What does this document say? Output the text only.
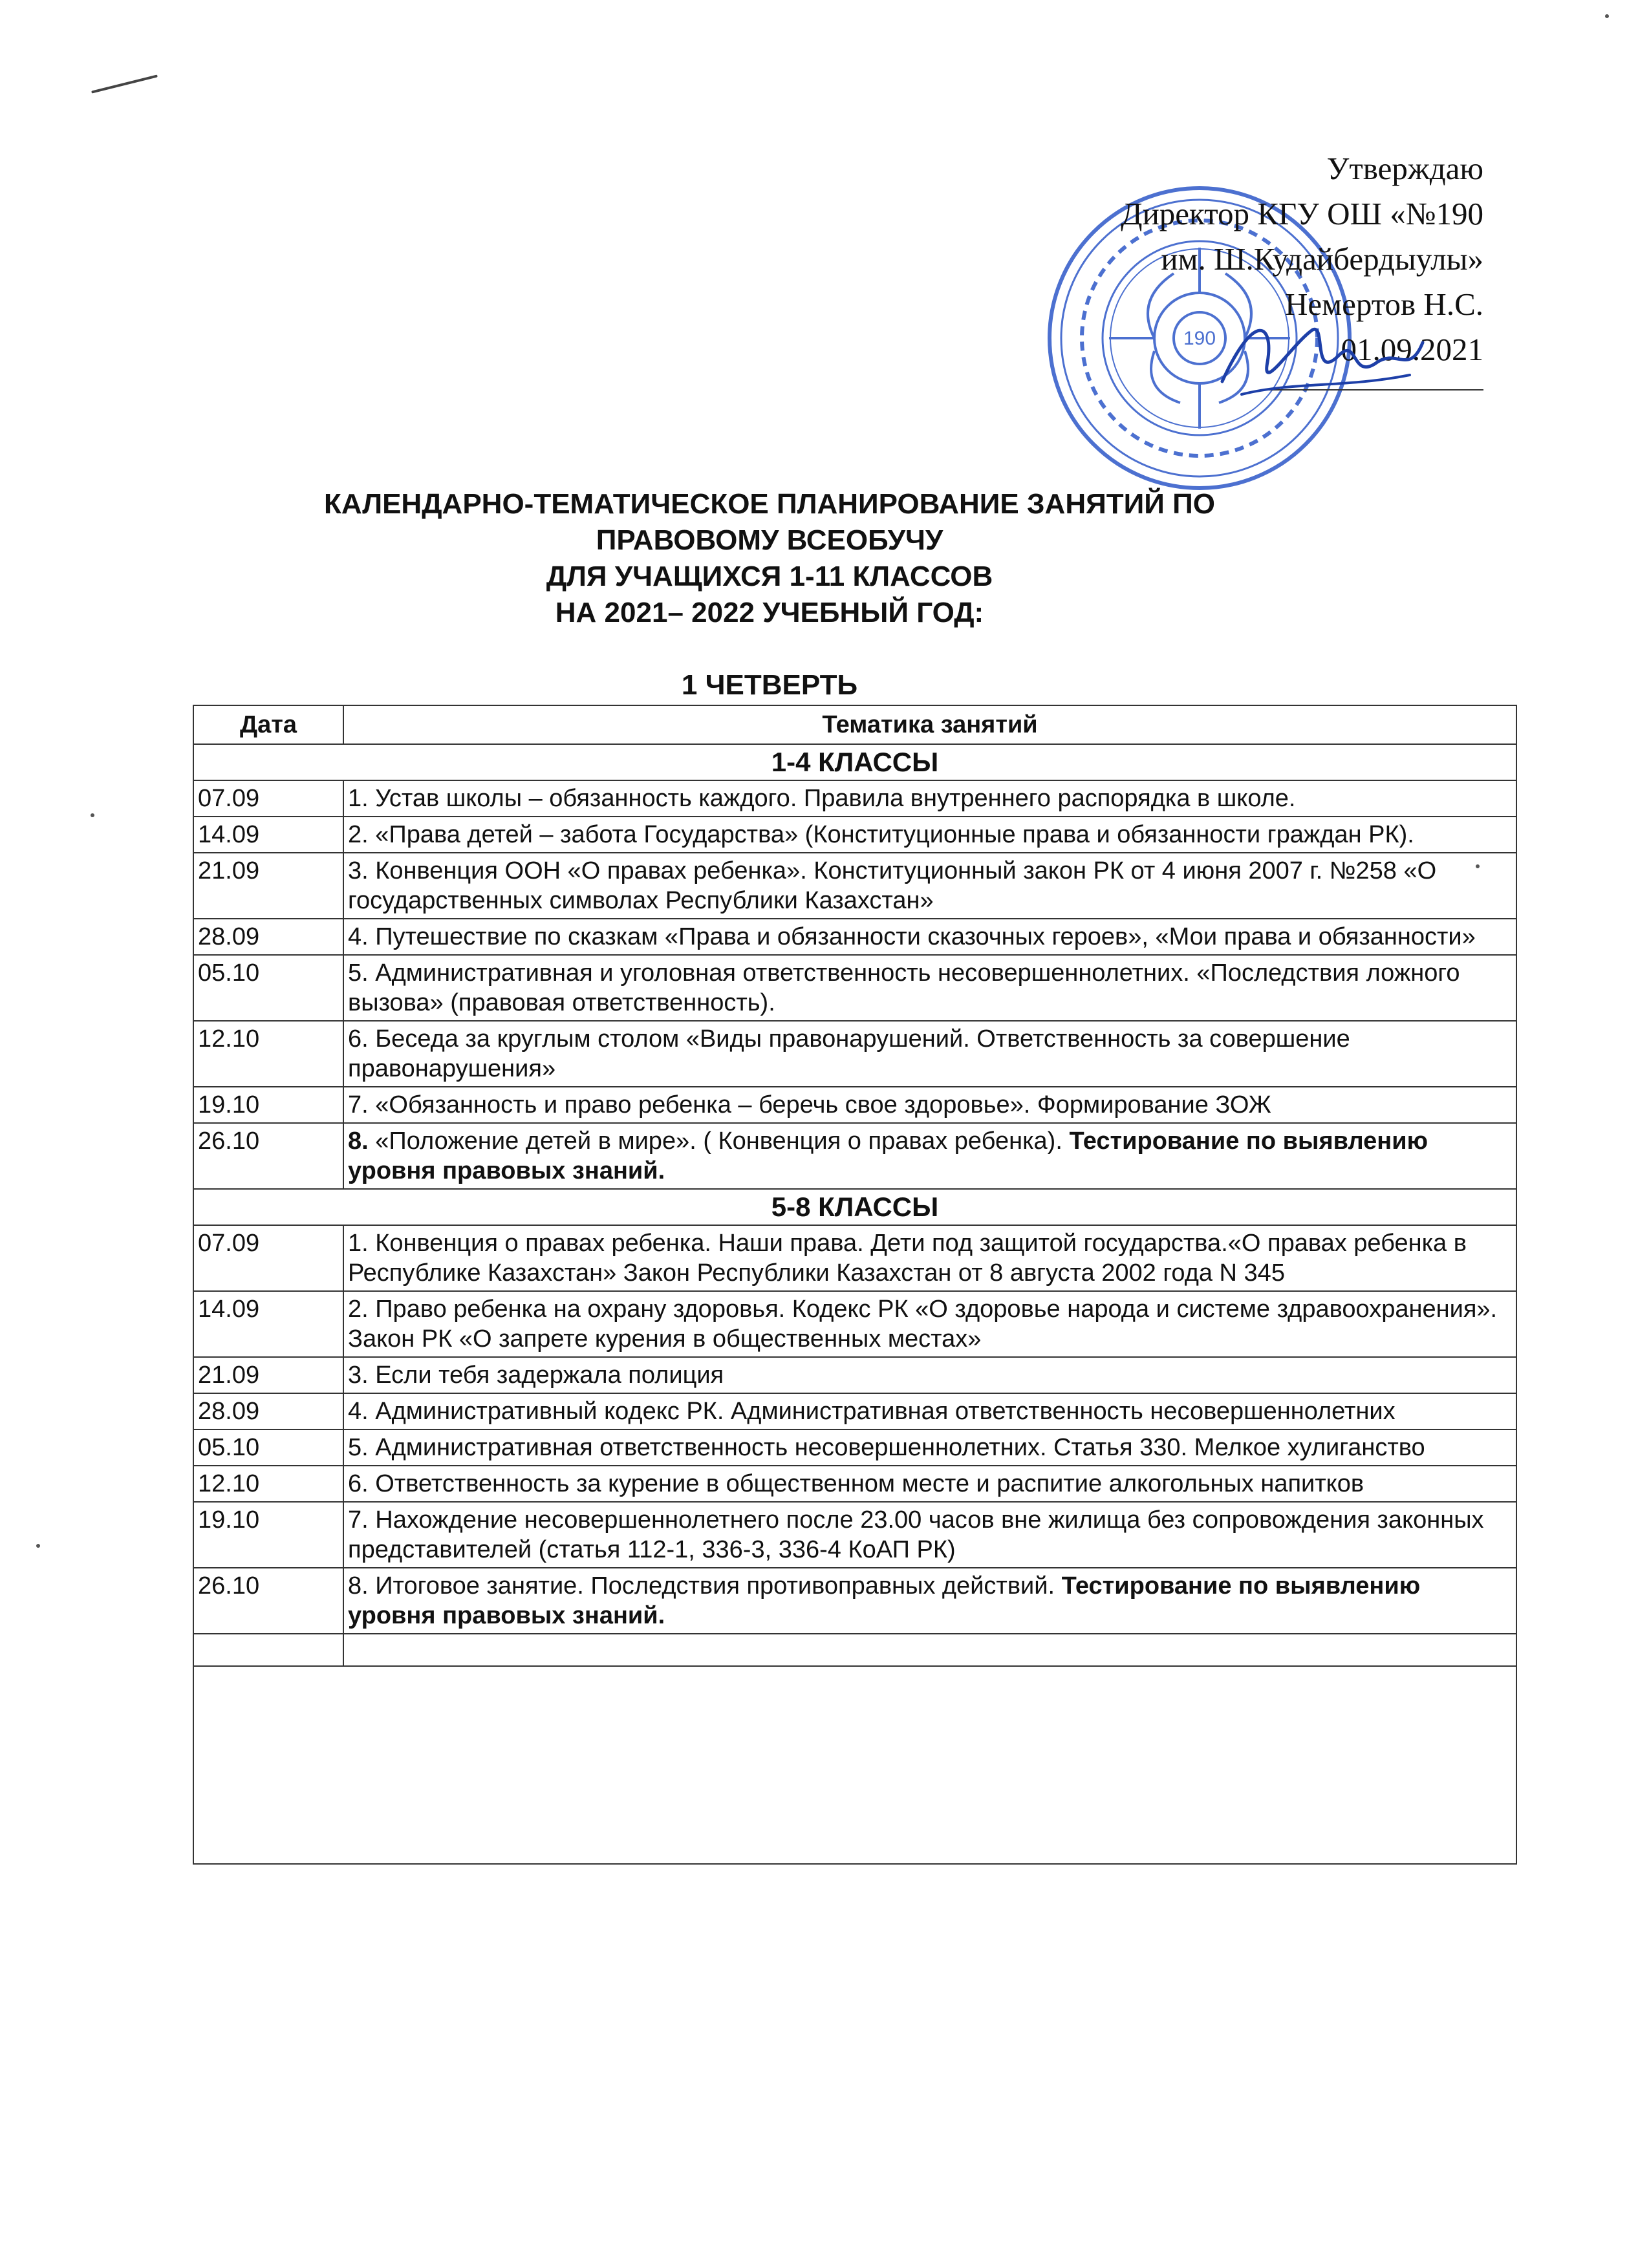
190
Утверждаю
Директор КГУ ОШ «№190
им. Ш.Кудайбердыулы»
Немертов Н.С.
01.09.2021
КАЛЕНДАРНО-ТЕМАТИЧЕСКОЕ ПЛАНИРОВАНИЕ ЗАНЯТИЙ ПО
ПРАВОВОМУ ВСЕОБУЧУ
ДЛЯ УЧАЩИХСЯ 1-11 КЛАССОВ
НА 2021– 2022 УЧЕБНЫЙ ГОД:
1 ЧЕТВЕРТЬ
Дата	Тематика занятий
1-4 КЛАССЫ	
07.09	1. Устав школы – обязанность каждого. Правила внутреннего распорядка в школе.
14.09	2. «Права детей – забота Государства» (Конституционные права и обязанности граждан РК).
21.09	3. Конвенция ООН «О правах ребенка». Конституционный закон РК от 4 июня 2007 г. №258 «О государственных символах Республики Казахстан»
28.09	4. Путешествие по сказкам «Права и обязанности сказочных героев», «Мои права и обязанности»
05.10	5. Административная и уголовная ответственность несовершеннолетних. «Последствия ложного вызова» (правовая ответственность).
12.10	6. Беседа за круглым столом «Виды правонарушений. Ответственность за совершение правонарушения»
19.10	7. «Обязанность и право ребенка – беречь свое здоровье». Формирование ЗОЖ
26.10	8. «Положение детей в мире». ( Конвенция о правах ребенка). Тестирование по выявлению уровня правовых знаний.
5-8 КЛАССЫ	
07.09	1. Конвенция о правах ребенка. Наши права. Дети под защитой государства.«О правах ребенка в Республике Казахстан» Закон Республики Казахстан от 8 августа 2002 года N 345
14.09	2. Право ребенка на охрану здоровья. Кодекс РК «О здоровье народа и системе здравоохранения». Закон РК «О запрете курения в общественных местах»
21.09	3. Если тебя задержала полиция
28.09	4. Административный кодекс РК. Административная ответственность несовершеннолетних
05.10	5. Административная ответственность несовершеннолетних. Статья 330. Мелкое хулиганство
12.10	6. Ответственность за курение в общественном месте и распитие алкогольных напитков
19.10	7. Нахождение несовершеннолетнего после 23.00 часов вне жилища без сопровождения законных представителей (статья 112-1, 336-3, 336-4 КоАП РК)
26.10	8. Итоговое занятие. Последствия противоправных действий. Тестирование по выявлению уровня правовых знаний.
